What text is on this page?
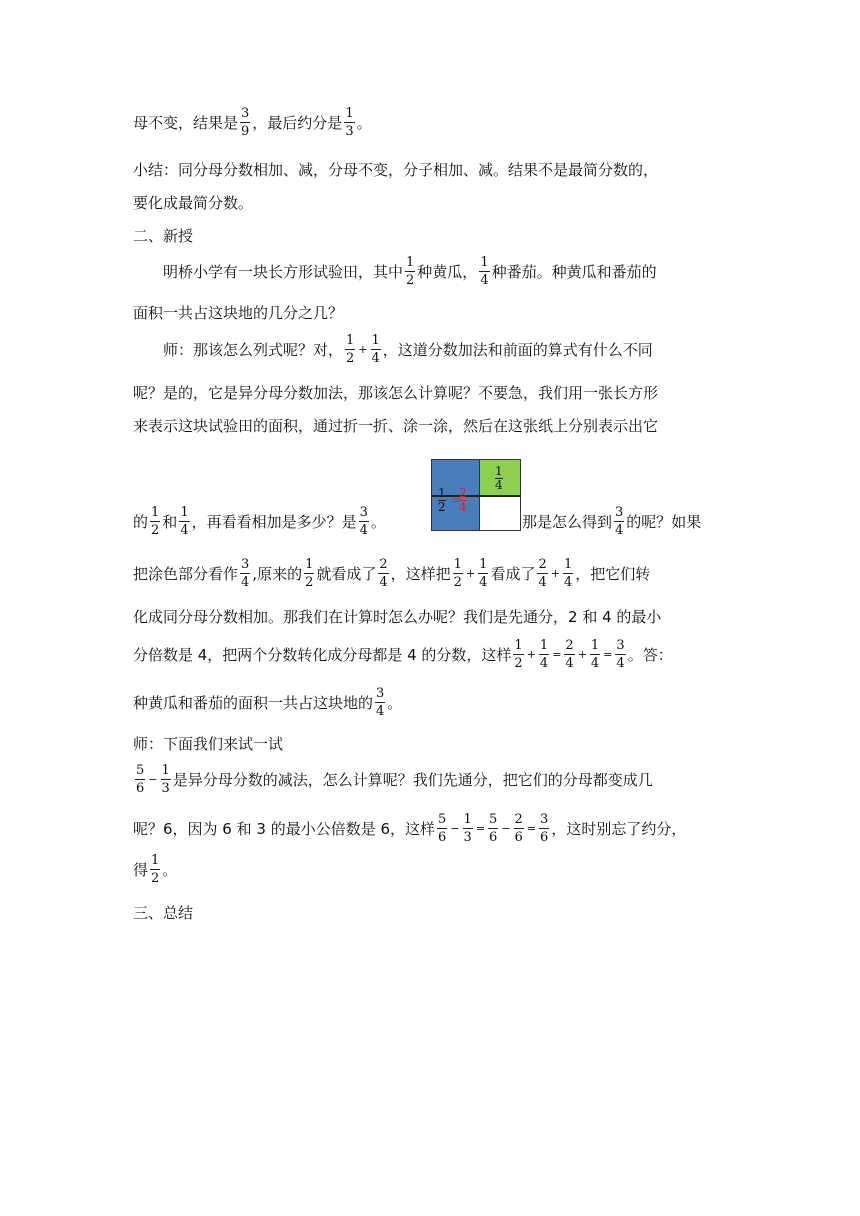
母不变，结果是 $\frac{3}{9}$ ，最后约分是 $\frac{1}{3}$ 。
小结：同分母分数相加、减，分母不变，分子相加、减。结果不是最简分数的，
要化成最简分数。
二、新授
明桥小学有一块长方形试验田，其中 $\frac{1}{2}$ 种黄瓜， $\frac{1}{4}$ 种番茄。种黄瓜和番茄的
面积一共占这块地的几分之几？
师：那该怎么列式呢？对， $\frac{1}{2} + \frac{1}{4}$ ，这道分数加法和前面的算式有什么不同
呢？是的，它是异分母分数加法，那该怎么计算呢？不要急，我们用一张长方形
来表示这块试验田的面积，通过折一折、涂一涂，然后在这张纸上分别表示出它
$\frac{1}{2}$ =
$\frac{2}{4}$
$\frac{1}{4}$
的 $\frac{1}{2}$ 和 $\frac{1}{4}$ ，再看看相加是多少？是 $\frac{3}{4}$ 。	那是怎么得到 $\frac{3}{4}$ 的呢？如果
把涂色部分看作 $\frac{3}{4}$ ,原来的 $\frac{1}{2}$ 就看成了 $\frac{2}{4}$ ，这样把 $\frac{1}{2} + \frac{1}{4}$ 看成了 $\frac{2}{4} + \frac{1}{4}$ ，把它们转
化成同分母分数相加。那我们在计算时怎么办呢？我们是先通分，2 和 4 的最小
分倍数是 4，把两个分数转化成分母都是 4 的分数，这样 $\frac{1}{2} + \frac{1}{4} = \frac{2}{4} + \frac{1}{4} = \frac{3}{4}$ 。答：
种黄瓜和番茄的面积一共占这块地的 $\frac{3}{4}$ 。
师：下面我们来试一试
$\frac{5}{6} - \frac{1}{3}$ 是异分母分数的减法，怎么计算呢？我们先通分，把它们的分母都变成几
呢？6，因为 6 和 3 的最小公倍数是 6，这样 $\frac{5}{6} - \frac{1}{3} = \frac{5}{6} - \frac{2}{6} = \frac{3}{6}$ ，这时别忘了约分，
得 $\frac{1}{2}$ 。
三、总结
